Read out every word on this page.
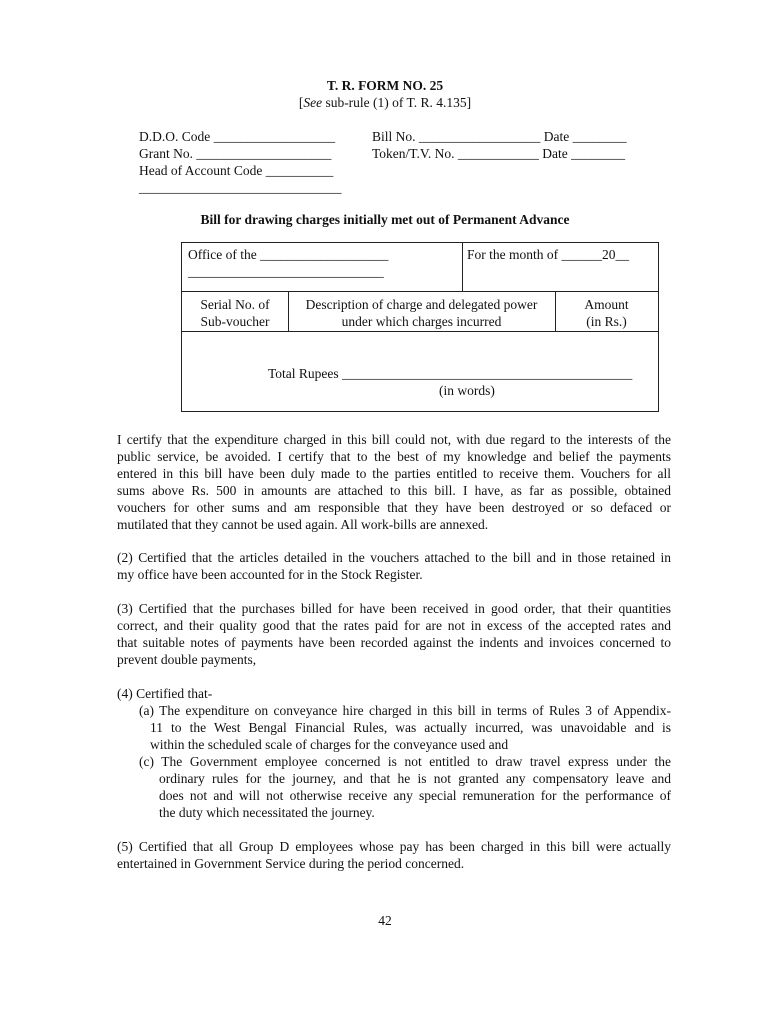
T. R. FORM NO. 25
[See sub-rule (1) of T. R. 4.135]
D.D.O. Code __________________
Grant No. ____________________
Head of Account Code __________
______________________________
Bill No. __________________ Date ________
Token/T.V. No. ____________ Date ________
Bill for drawing charges initially met out of Permanent Advance
Office of the ___________________
_____________________________
For the month of ______20__
Serial No. of
Sub-voucher
Description of charge and delegated power
under which charges incurred
Amount
(in Rs.)
Total Rupees ___________________________________________
(in words)
I certify that the expenditure charged in this bill could not, with due regard to the interests of the
public service, be avoided. I certify that to the best of my knowledge and belief the payments
entered in this bill have been duly made to the parties entitled to receive them. Vouchers for all
sums above Rs. 500 in amounts are attached to this bill. I have, as far as possible, obtained
vouchers for other sums and am responsible that they have been destroyed or so defaced or
mutilated that they cannot be used again. All work-bills are annexed.
(2) Certified that the articles detailed in the vouchers attached to the bill and in those retained in
my office have been accounted for in the Stock Register.
(3) Certified that the purchases billed for have been received in good order, that their quantities
correct, and their quality good that the rates paid for are not in excess of the accepted rates and
that suitable notes of payments have been recorded against the indents and invoices concerned to
prevent double payments,
(4) Certified that-
(a) The expenditure on conveyance hire charged in this bill in terms of Rules 3 of Appendix-
11 to the West Bengal Financial Rules, was actually incurred, was unavoidable and is
within the scheduled scale of charges for the conveyance used and
(c) The Government employee concerned is not entitled to draw travel express under the
ordinary rules for the journey, and that he is not granted any compensatory leave and
does not and will not otherwise receive any special remuneration for the performance of
the duty which necessitated the journey.
(5) Certified that all Group D employees whose pay has been charged in this bill were actually
entertained in Government Service during the period concerned.
42
